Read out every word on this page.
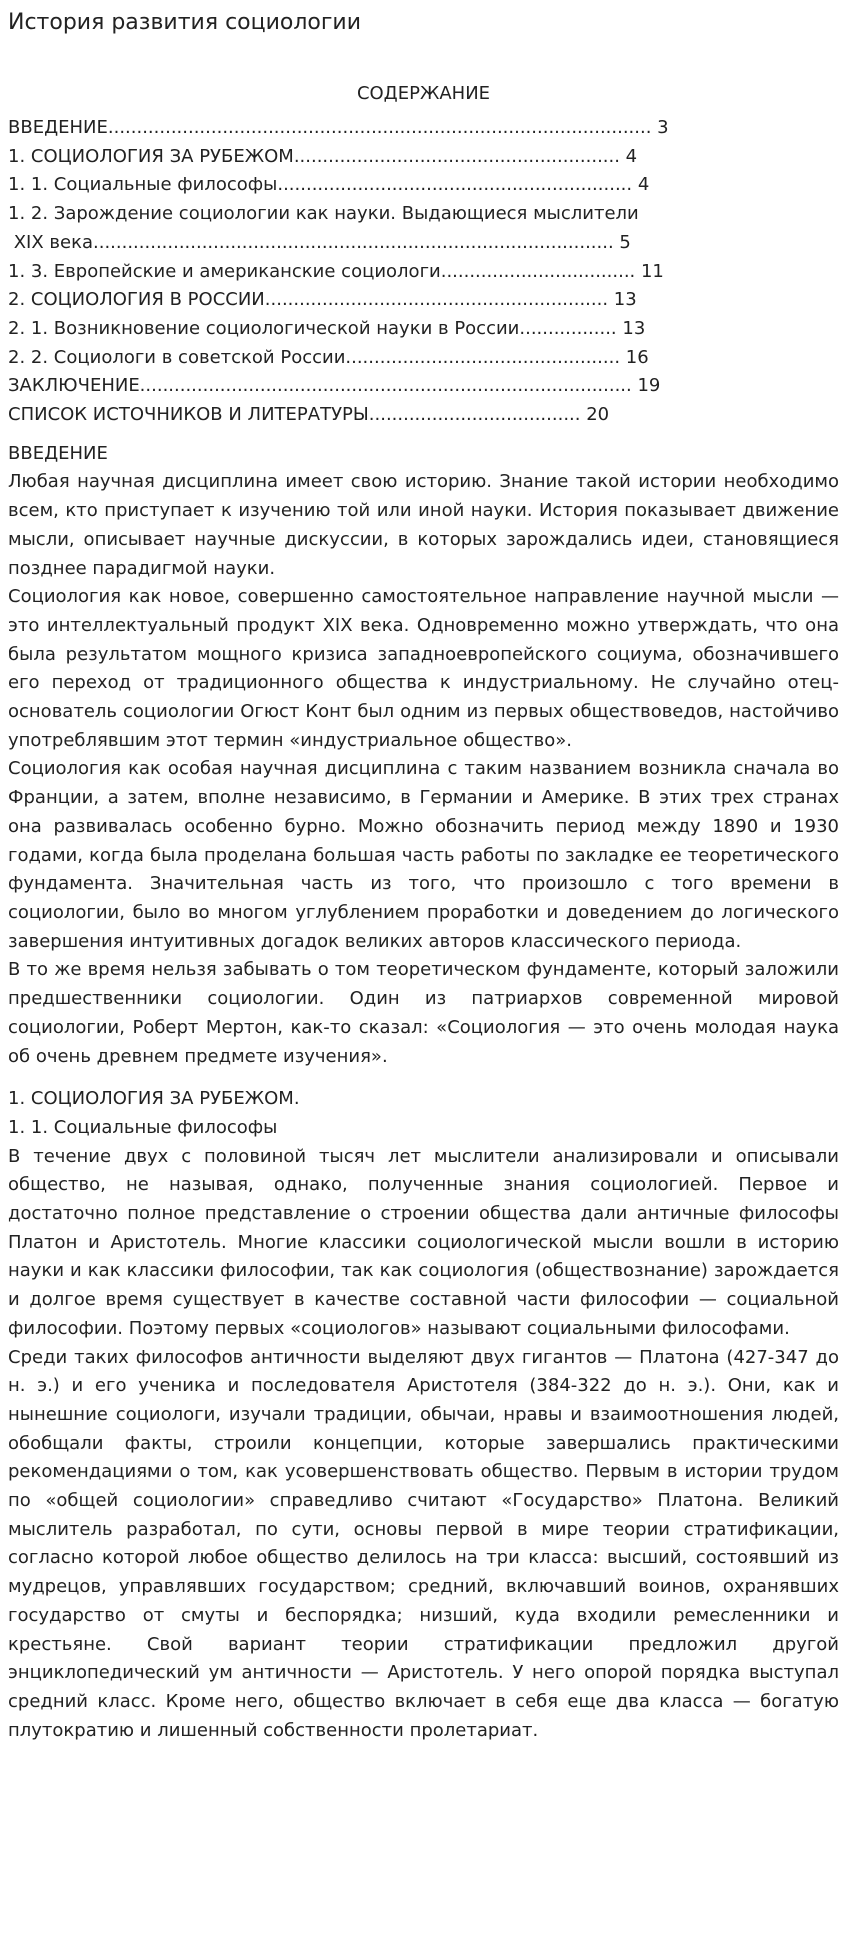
История развития социологии
СОДЕРЖАНИЕ
ВВЕДЕНИЕ............................................................................................... 3
1. СОЦИОЛОГИЯ ЗА РУБЕЖОМ......................................................... 4
1. 1. Социальные философы.............................................................. 4
1. 2. Зарождение социологии как науки. Выдающиеся мыслители
XIX века........................................................................................... 5
1. 3. Европейские и американские социологи.................................. 11
2. СОЦИОЛОГИЯ В РОССИИ............................................................ 13
2. 1. Возникновение социологической науки в России................. 13
2. 2. Социологи в советской России................................................ 16
ЗАКЛЮЧЕНИЕ...................................................................................... 19
СПИСОК ИСТОЧНИКОВ И ЛИТЕРАТУРЫ..................................... 20
ВВЕДЕНИЕ

Любая научная дисциплина имеет свою историю. Знание такой истории необходимо всем, кто приступает к изучению той или иной науки. История показывает движение мысли, описывает научные дискуссии, в которых зарождались идеи, становящиеся позднее парадигмой науки.

Социология как новое, совершенно самостоятельное направление научной мысли — это интеллектуальный продукт XIX века. Одновременно можно утверждать, что она была результатом мощного кризиса западноевропейского социума, обозначившего его переход от традиционного общества к индустриальному. Не случайно отец-основатель социологии Огюст Конт был одним из первых обществоведов, настойчиво употреблявшим этот термин «индустриальное общество».

Социология как особая научная дисциплина с таким названием возникла сначала во Франции, а затем, вполне независимо, в Германии и Америке. В этих трех странах она развивалась особенно бурно. Можно обозначить период между 1890 и 1930 годами, когда была проделана большая часть работы по закладке ее теоретического фундамента. Значительная часть из того, что произошло с того времени в социологии, было во многом углублением проработки и доведением до логического завершения интуитивных догадок великих авторов классического периода.

В то же время нельзя забывать о том теоретическом фундаменте, который заложили предшественники социологии. Один из патриархов современной мировой социологии, Роберт Мертон, как-то сказал: «Социология — это очень молодая наука об очень древнем предмете изучения».

1. СОЦИОЛОГИЯ ЗА РУБЕЖОМ.
1. 1. Социальные философы

В течение двух с половиной тысяч лет мыслители анализировали и описывали общество, не называя, однако, полученные знания социологией. Первое и достаточно полное представление о строении общества дали античные философы Платон и Аристотель. Многие классики социологической мысли вошли в историю науки и как классики философии, так как социология (обществознание) зарождается и долгое время существует в качестве составной части философии — социальной философии. Поэтому первых «социологов» называют социальными философами.

Среди таких философов античности выделяют двух гигантов — Платона (427-347 до н. э.) и его ученика и последователя Аристотеля (384-322 до н. э.). Они, как и нынешние социологи, изучали традиции, обычаи, нравы и взаимоотношения людей, обобщали факты, строили концепции, которые завершались практическими рекомендациями о том, как усовершенствовать общество. Первым в истории трудом по «общей социологии» справедливо считают «Государство» Платона. Великий мыслитель разработал, по сути, основы первой в мире теории стратификации, согласно которой любое общество делилось на три класса: высший, состоявший из мудрецов, управлявших государством; средний, включавший воинов, охранявших государство от смуты и беспорядка; низший, куда входили ремесленники и крестьяне. Свой вариант теории стратификации предложил другой энциклопедический ум античности — Аристотель. У него опорой порядка выступал средний класс. Кроме него, общество включает в себя еще два класса — богатую плутократию и лишенный собственности пролетариат.
